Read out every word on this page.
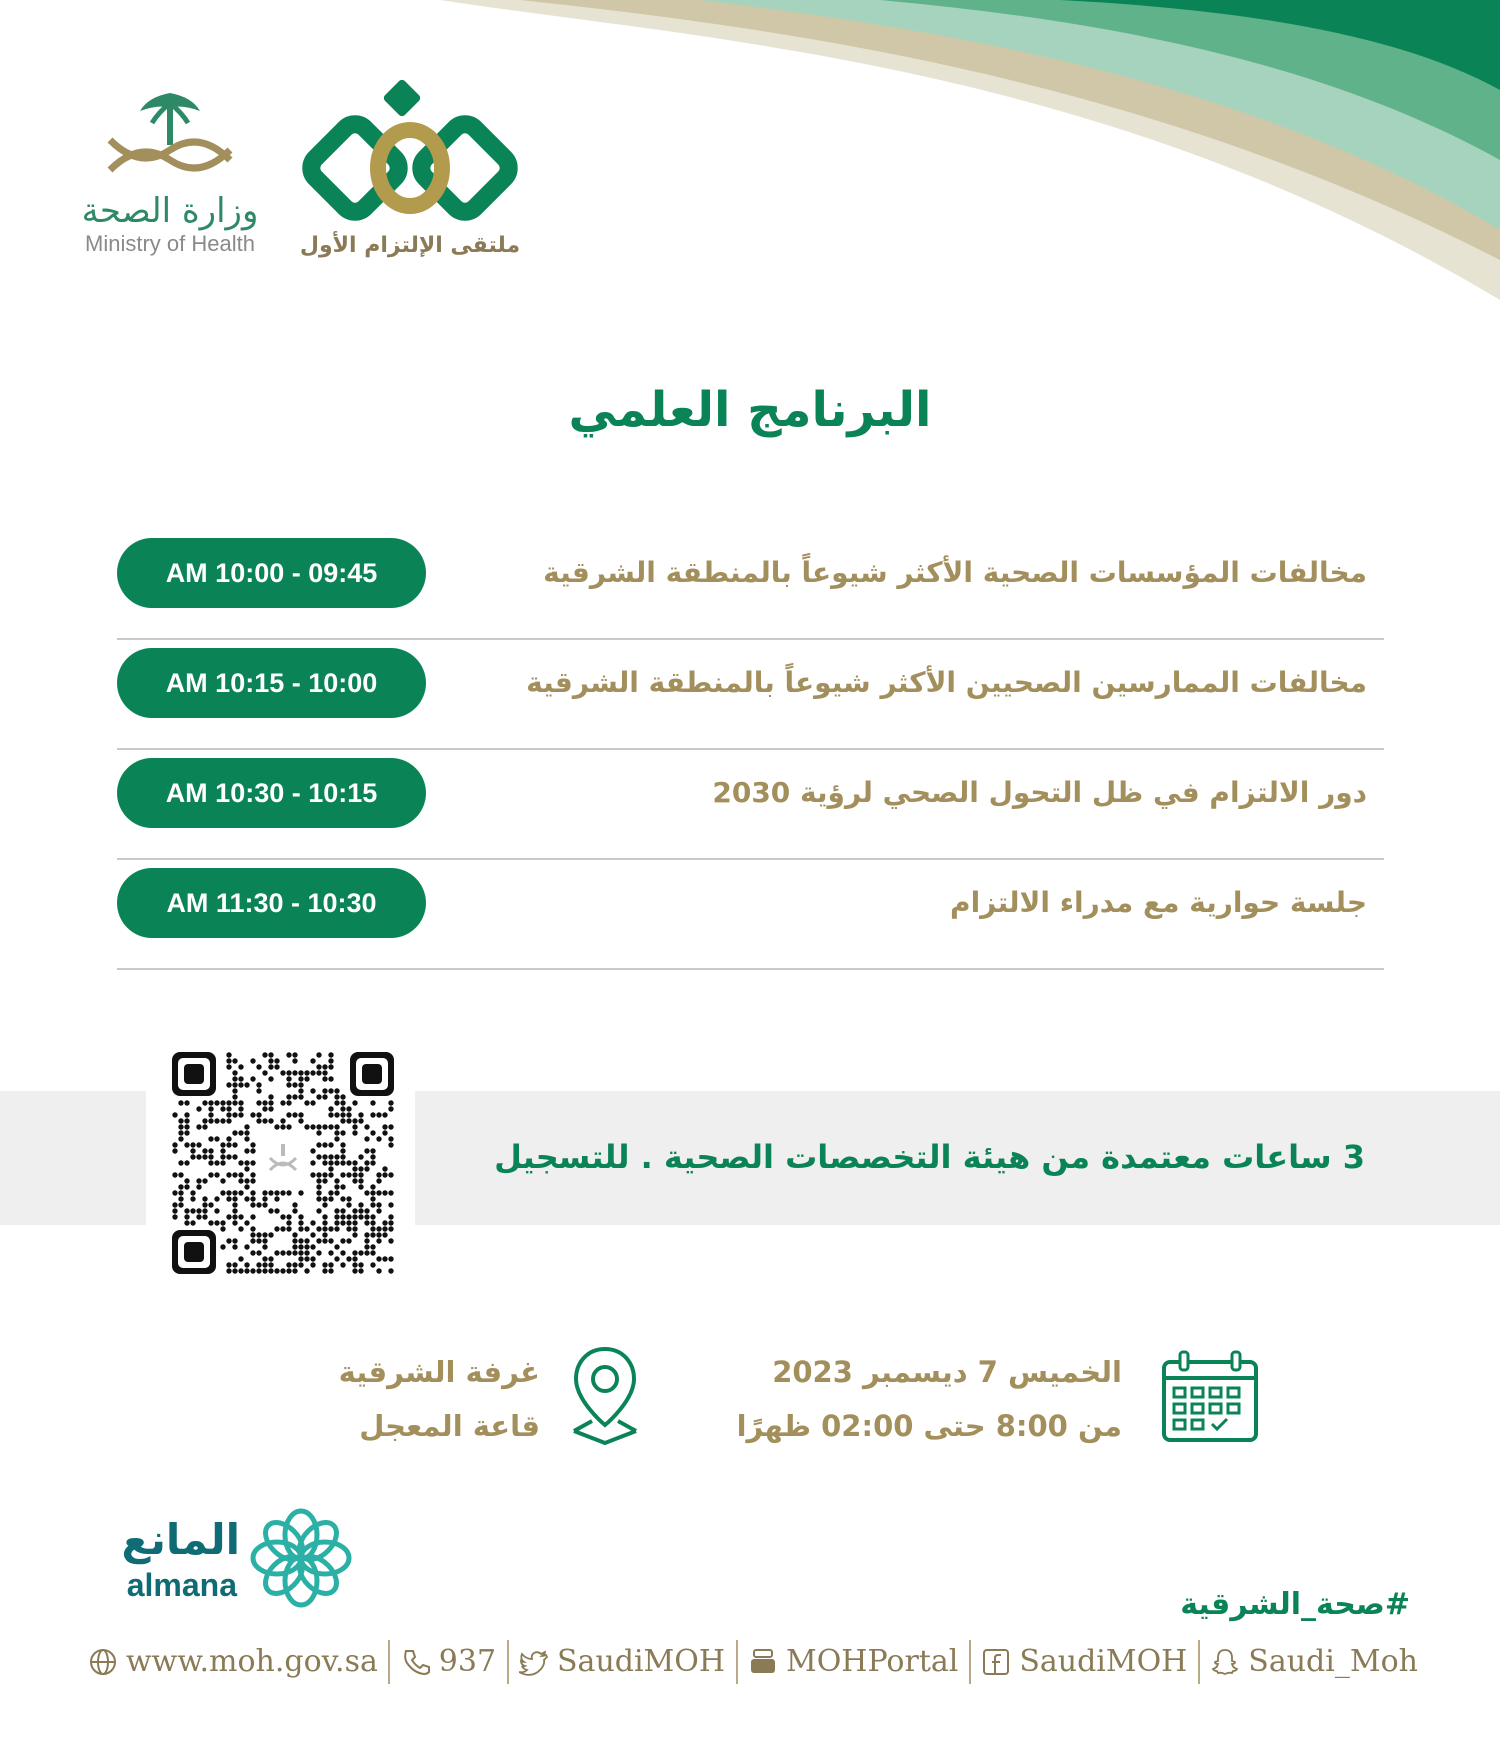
وزارة الصحة
Ministry of Health	ملتقى الإلتزام الأول
البرنامج العلمي
AM 10:00 - 09:45	مخالفات المؤسسات الصحية الأكثر شيوعاً بالمنطقة الشرقية
AM 10:15 - 10:00	مخالفات الممارسين الصحيين الأكثر شيوعاً بالمنطقة الشرقية
AM 10:30 - 10:15	دور الالتزام في ظل التحول الصحي لرؤية 2030
AM 11:30 - 10:30	جلسة حوارية مع مدراء الالتزام
3 ساعات معتمدة من هيئة التخصصات الصحية . للتسجيل
الخميس 7 ديسمبر 2023
من 8:00 حتى 02:00 ظهرًا
غرفة الشرقية
قاعة المعجل
المانع
almana
#صحة_الشرقية
www.moh.gov.sa 937 SaudiMOH MOHPortal SaudiMOH Saudi_Moh
